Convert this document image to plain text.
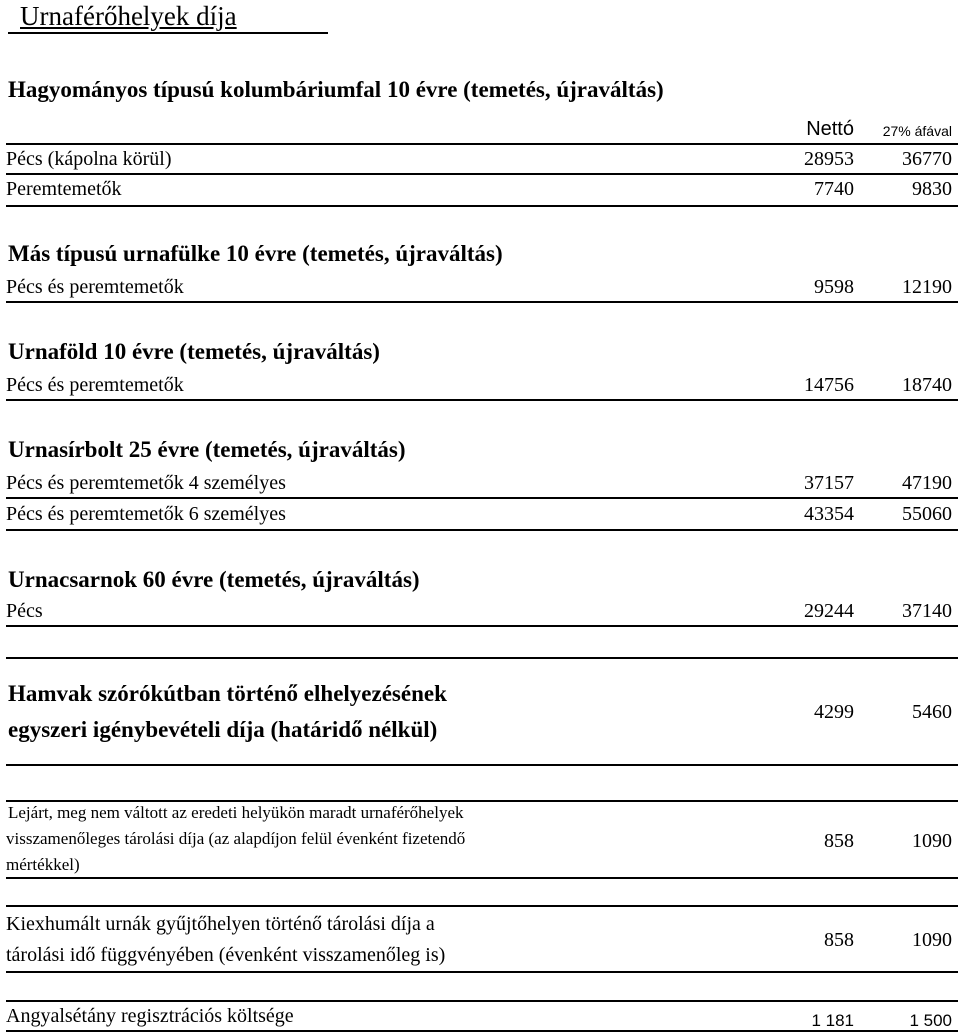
Urnaférőhelyek díja
Hagyományos típusú kolumbáriumfal 10 évre (temetés, újraváltás)
Nettó 27% áfával
Pécs (kápolna körül)	28953 36770
Peremtemetők	7740	9830
Más típusú urnafülke 10 évre (temetés, újraváltás)
Pécs és peremtemetők	9598 12190
Urnaföld 10 évre (temetés, újraváltás)
Pécs és peremtemetők	14756 18740
Urnasírbolt 25 évre (temetés, újraváltás)
Pécs és peremtemetők 4 személyes	37157 47190
Pécs és peremtemetők 6 személyes	43354 55060
Urnacsarnok 60 évre (temetés, újraváltás)
Pécs	29244 37140
Hamvak szórókútban történő elhelyezésének
egyszeri igénybevételi díja (határidő nélkül)
4299	5460
Lejárt, meg nem váltott az eredeti helyükön maradt urnaférőhelyek
visszamenőleges tárolási díja (az alapdíjon felül évenként fizetendő
mértékkel)
858	1090
Kiexhumált urnák gyűjtőhelyen történő tárolási díja a
tárolási idő függvényében (évenként visszamenőleg is)
858	1090
Angyalsétány regisztrációs költsége	1 181	1 500
